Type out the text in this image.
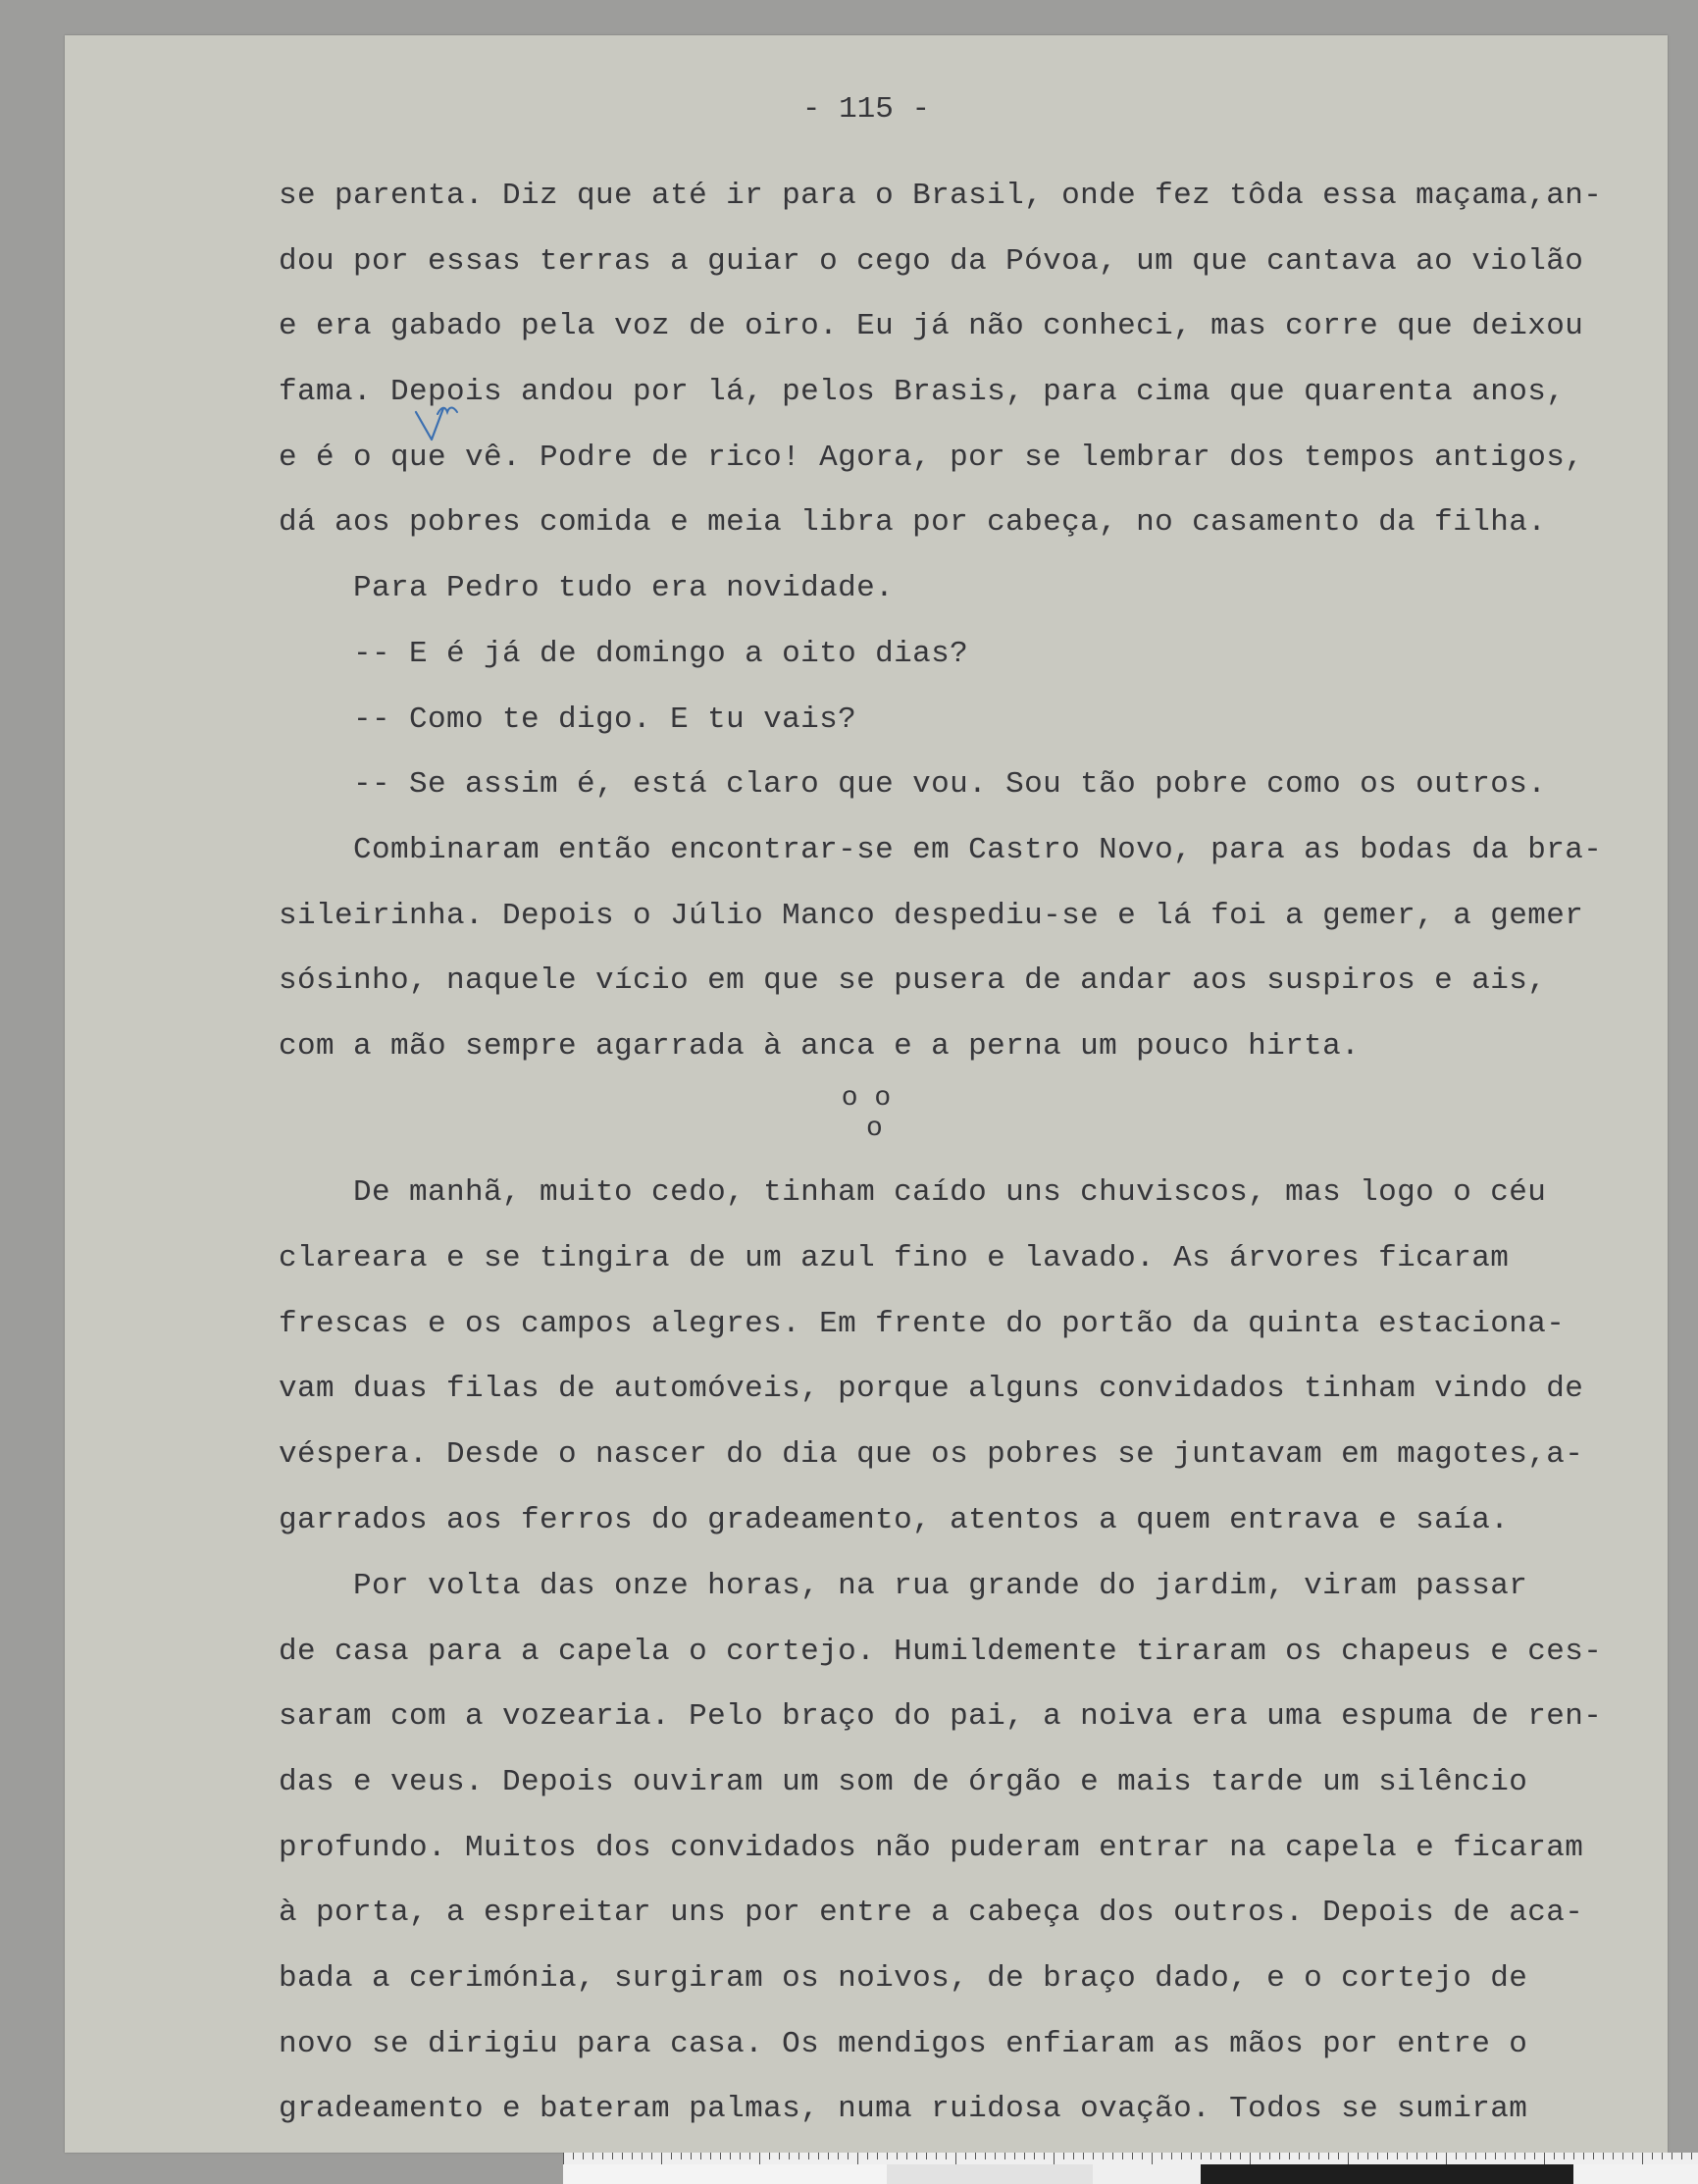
- 115 -
se parenta. Diz que até ir para o Brasil, onde fez tôda essa maçama,an-
dou por essas terras a guiar o cego da Póvoa, um que cantava ao violão
e era gabado pela voz de oiro. Eu já não conheci, mas corre que deixou
fama. Depois andou por lá, pelos Brasis, para cima que quarenta anos,
e é o que vê. Podre de rico! Agora, por se lembrar dos tempos antigos,
dá aos pobres comida e meia libra por cabeça, no casamento da filha.
Para Pedro tudo era novidade.
-- E é já de domingo a oito dias?
-- Como te digo. E tu vais?
-- Se assim é, está claro que vou. Sou tão pobre como os outros.
Combinaram então encontrar-se em Castro Novo, para as bodas da bra-
sileirinha. Depois o Júlio Manco despediu-se e lá foi a gemer, a gemer
sósinho, naquele vício em que se pusera de andar aos suspiros e ais,
com a mão sempre agarrada à anca e a perna um pouco hirta.
o o
o
De manhã, muito cedo, tinham caído uns chuviscos, mas logo o céu
clareara e se tingira de um azul fino e lavado. As árvores ficaram
frescas e os campos alegres. Em frente do portão da quinta estaciona-
vam duas filas de automóveis, porque alguns convidados tinham vindo de
véspera. Desde o nascer do dia que os pobres se juntavam em magotes,a-
garrados aos ferros do gradeamento, atentos a quem entrava e saía.
Por volta das onze horas, na rua grande do jardim, viram passar
de casa para a capela o cortejo. Humildemente tiraram os chapeus e ces-
saram com a vozearia. Pelo braço do pai, a noiva era uma espuma de ren-
das e veus. Depois ouviram um som de órgão e mais tarde um silêncio
profundo. Muitos dos convidados não puderam entrar na capela e ficaram
à porta, a espreitar uns por entre a cabeça dos outros. Depois de aca-
bada a cerimónia, surgiram os noivos, de braço dado, e o cortejo de
novo se dirigiu para casa. Os mendigos enfiaram as mãos por entre o
gradeamento e bateram palmas, numa ruidosa ovação. Todos se sumiram
